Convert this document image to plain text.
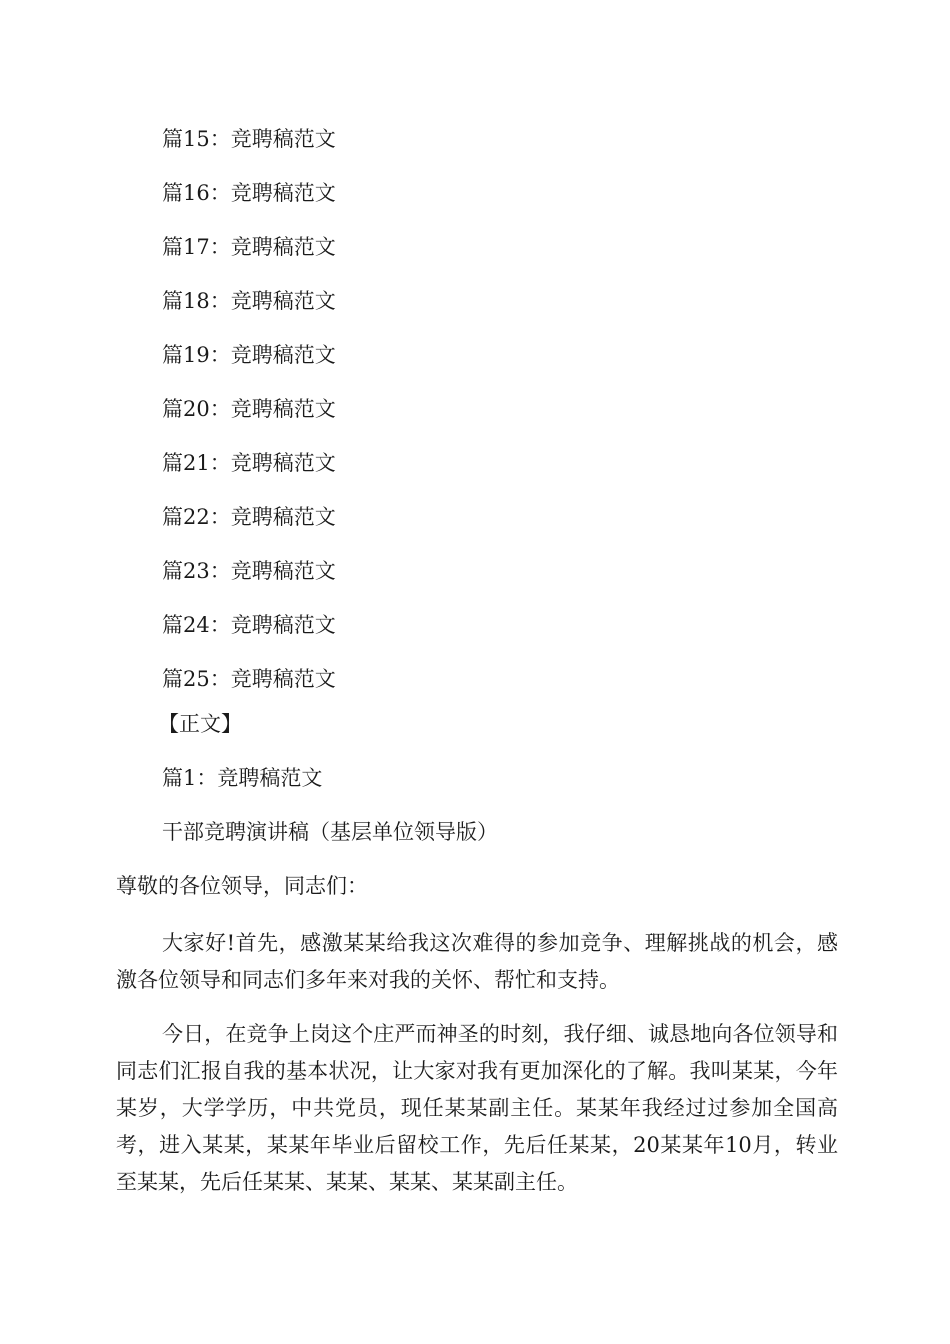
篇15：竞聘稿范文
篇16：竞聘稿范文
篇17：竞聘稿范文
篇18：竞聘稿范文
篇19：竞聘稿范文
篇20：竞聘稿范文
篇21：竞聘稿范文
篇22：竞聘稿范文
篇23：竞聘稿范文
篇24：竞聘稿范文
篇25：竞聘稿范文
【正文】
篇1：竞聘稿范文
干部竞聘演讲稿（基层单位领导版）
尊敬的各位领导，同志们：

大家好!首先，感激某某给我这次难得的参加竞争、理解挑战的机会，感激各位领导和同志们多年来对我的关怀、帮忙和支持。

今日，在竞争上岗这个庄严而神圣的时刻，我仔细、诚恳地向各位领导和同志们汇报自我的基本状况，让大家对我有更加深化的了解。我叫某某，今年某岁，大学学历，中共党员，现任某某副主任。某某年我经过过参加全国高考，进入某某，某某年毕业后留校工作，先后任某某，20某某年10月，转业至某某，先后任某某、某某、某某、某某副主任。
